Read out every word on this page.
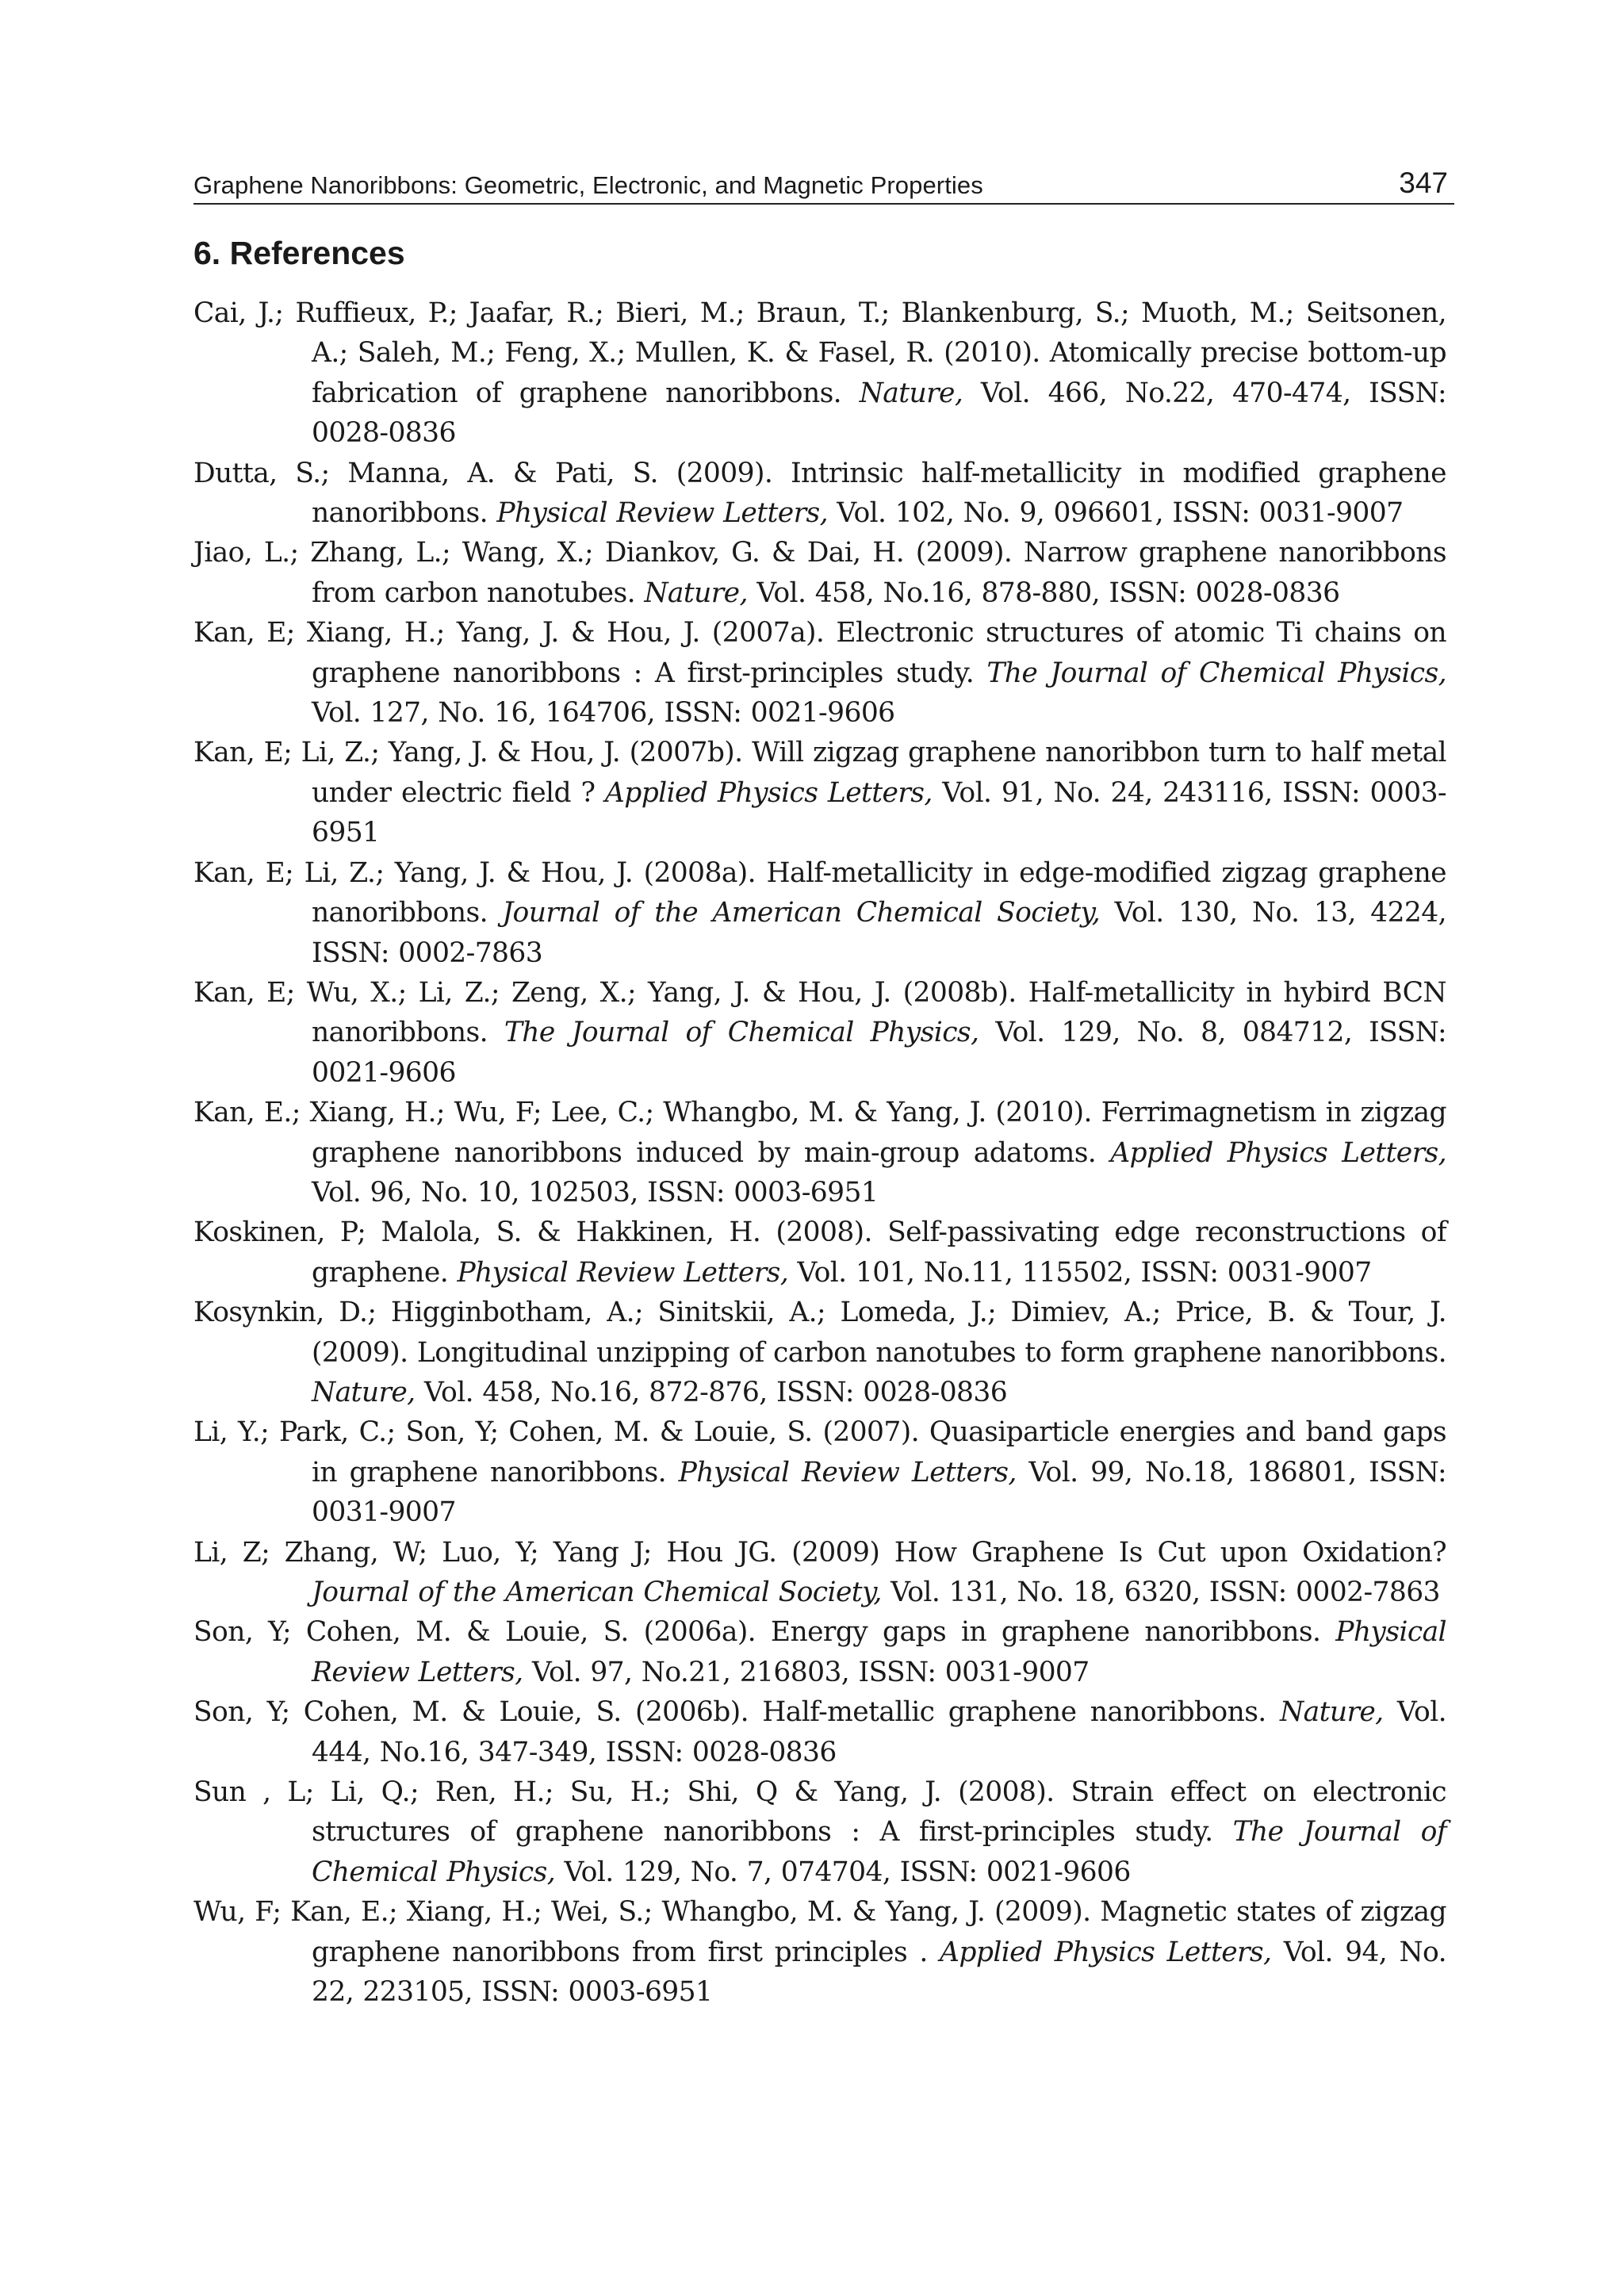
Graphene Nanoribbons: Geometric, Electronic, and Magnetic Properties	347
6. References

Cai, J.; Ruffieux, P.; Jaafar, R.; Bieri, M.; Braun, T.; Blankenburg, S.; Muoth, M.; Seitsonen, A.; Saleh, M.; Feng, X.; Mullen, K. & Fasel, R. (2010). Atomically precise bottom-up fabrication of graphene nanoribbons. Nature, Vol. 466, No.22, 470-474, ISSN: 0028-0836

Dutta, S.; Manna, A. & Pati, S. (2009). Intrinsic half-metallicity in modified graphene nanoribbons. Physical Review Letters, Vol. 102, No. 9, 096601, ISSN: 0031-9007

Jiao, L.; Zhang, L.; Wang, X.; Diankov, G. & Dai, H. (2009). Narrow graphene nanoribbons from carbon nanotubes. Nature, Vol. 458, No.16, 878-880, ISSN: 0028-0836

Kan, E; Xiang, H.; Yang, J. & Hou, J. (2007a). Electronic structures of atomic Ti chains on graphene nanoribbons : A first-principles study. The Journal of Chemical Physics, Vol. 127, No. 16, 164706, ISSN: 0021-9606

Kan, E; Li, Z.; Yang, J. & Hou, J. (2007b). Will zigzag graphene nanoribbon turn to half metal under electric field ? Applied Physics Letters, Vol. 91, No. 24, 243116, ISSN: 0003-6951

Kan, E; Li, Z.; Yang, J. & Hou, J. (2008a). Half-metallicity in edge-modified zigzag graphene nanoribbons. Journal of the American Chemical Society, Vol. 130, No. 13, 4224, ISSN: 0002-7863

Kan, E; Wu, X.; Li, Z.; Zeng, X.; Yang, J. & Hou, J. (2008b). Half-metallicity in hybird BCN nanoribbons. The Journal of Chemical Physics, Vol. 129, No. 8, 084712, ISSN: 0021-9606

Kan, E.; Xiang, H.; Wu, F; Lee, C.; Whangbo, M. & Yang, J. (2010). Ferrimagnetism in zigzag graphene nanoribbons induced by main-group adatoms. Applied Physics Letters, Vol. 96, No. 10, 102503, ISSN: 0003-6951

Koskinen, P; Malola, S. & Hakkinen, H. (2008). Self-passivating edge reconstructions of graphene. Physical Review Letters, Vol. 101, No.11, 115502, ISSN: 0031-9007

Kosynkin, D.; Higginbotham, A.; Sinitskii, A.; Lomeda, J.; Dimiev, A.; Price, B. & Tour, J. (2009). Longitudinal unzipping of carbon nanotubes to form graphene nanoribbons. Nature, Vol. 458, No.16, 872-876, ISSN: 0028-0836

Li, Y.; Park, C.; Son, Y; Cohen, M. & Louie, S. (2007). Quasiparticle energies and band gaps in graphene nanoribbons. Physical Review Letters, Vol. 99, No.18, 186801, ISSN: 0031-9007

Li, Z; Zhang, W; Luo, Y; Yang J; Hou JG. (2009) How Graphene Is Cut upon Oxidation? Journal of the American Chemical Society, Vol. 131, No. 18, 6320, ISSN: 0002-7863

Son, Y; Cohen, M. & Louie, S. (2006a). Energy gaps in graphene nanoribbons. Physical Review Letters, Vol. 97, No.21, 216803, ISSN: 0031-9007

Son, Y; Cohen, M. & Louie, S. (2006b). Half-metallic graphene nanoribbons. Nature, Vol. 444, No.16, 347-349, ISSN: 0028-0836

Sun , L; Li, Q.; Ren, H.; Su, H.; Shi, Q & Yang, J. (2008). Strain effect on electronic structures of graphene nanoribbons : A first-principles study. The Journal of Chemical Physics, Vol. 129, No. 7, 074704, ISSN: 0021-9606

Wu, F; Kan, E.; Xiang, H.; Wei, S.; Whangbo, M. & Yang, J. (2009). Magnetic states of zigzag graphene nanoribbons from first principles . Applied Physics Letters, Vol. 94, No. 22, 223105, ISSN: 0003-6951
